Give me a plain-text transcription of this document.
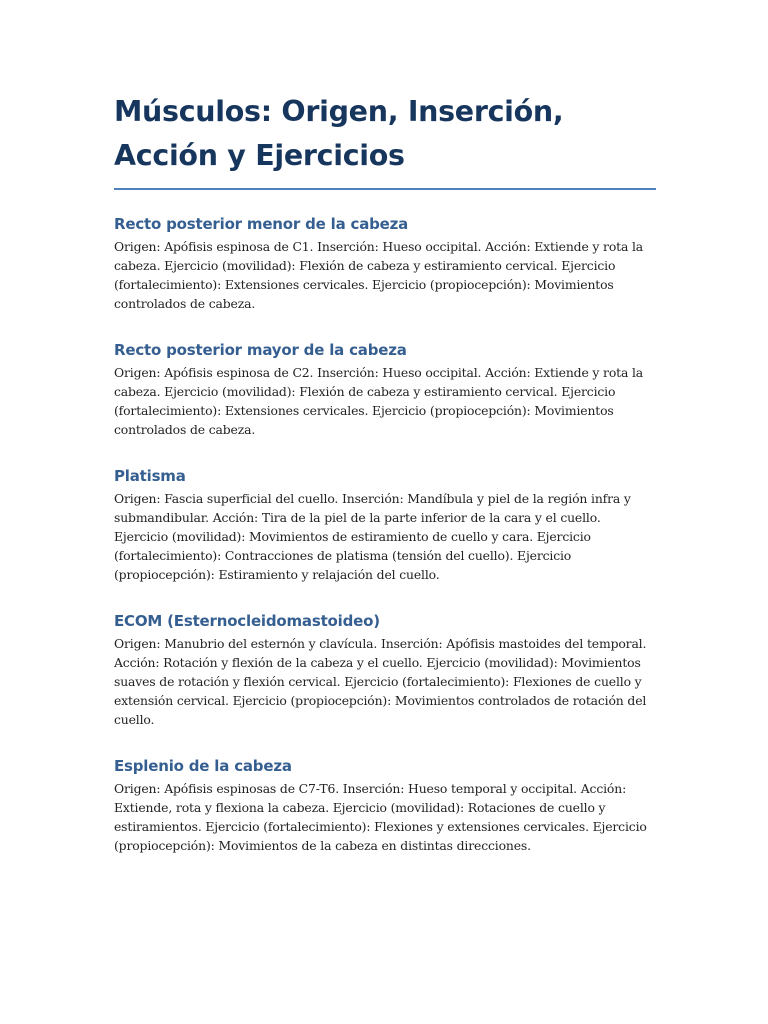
Músculos: Origen, Inserción, Acción y Ejercicios
Recto posterior menor de la cabeza

Origen: Apófisis espinosa de C1. Inserción: Hueso occipital. Acción: Extiende y rota la cabeza. Ejercicio (movilidad): Flexión de cabeza y estiramiento cervical. Ejercicio (fortalecimiento): Extensiones cervicales. Ejercicio (propiocepción): Movimientos controlados de cabeza.

Recto posterior mayor de la cabeza

Origen: Apófisis espinosa de C2. Inserción: Hueso occipital. Acción: Extiende y rota la cabeza. Ejercicio (movilidad): Flexión de cabeza y estiramiento cervical. Ejercicio (fortalecimiento): Extensiones cervicales. Ejercicio (propiocepción): Movimientos controlados de cabeza.

Platisma

Origen: Fascia superficial del cuello. Inserción: Mandíbula y piel de la región infra y submandibular. Acción: Tira de la piel de la parte inferior de la cara y el cuello. Ejercicio (movilidad): Movimientos de estiramiento de cuello y cara. Ejercicio (fortalecimiento): Contracciones de platisma (tensión del cuello). Ejercicio (propiocepción): Estiramiento y relajación del cuello.

ECOM (Esternocleidomastoideo)

Origen: Manubrio del esternón y clavícula. Inserción: Apófisis mastoides del temporal. Acción: Rotación y flexión de la cabeza y el cuello. Ejercicio (movilidad): Movimientos suaves de rotación y flexión cervical. Ejercicio (fortalecimiento): Flexiones de cuello y extensión cervical. Ejercicio (propiocepción): Movimientos controlados de rotación del cuello.

Esplenio de la cabeza

Origen: Apófisis espinosas de C7-T6. Inserción: Hueso temporal y occipital. Acción: Extiende, rota y flexiona la cabeza. Ejercicio (movilidad): Rotaciones de cuello y estiramientos. Ejercicio (fortalecimiento): Flexiones y extensiones cervicales. Ejercicio (propiocepción): Movimientos de la cabeza en distintas direcciones.
